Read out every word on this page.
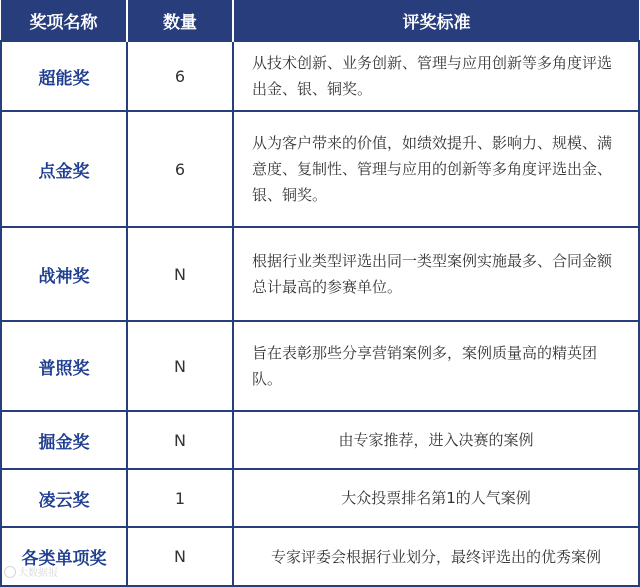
奖项名称	数量	评奖标准
超能奖	6	从技术创新、业务创新、管理与应用创新等多角度评选出金、银、铜奖。
点金奖	6	从为客户带来的价值，如绩效提升、影响力、规模、满意度、复制性、管理与应用的创新等多角度评选出金、银、铜奖。
战神奖	N	根据行业类型评选出同一类型案例实施最多、合同金额总计最高的参赛单位。
普照奖	N	旨在表彰那些分享营销案例多，案例质量高的精英团队。
掘金奖	N	由专家推荐，进入决赛的案例
凌云奖	1	大众投票排名第1的人气案例
各类单项奖	N	专家评委会根据行业划分，最终评选出的优秀案例
大数据报
